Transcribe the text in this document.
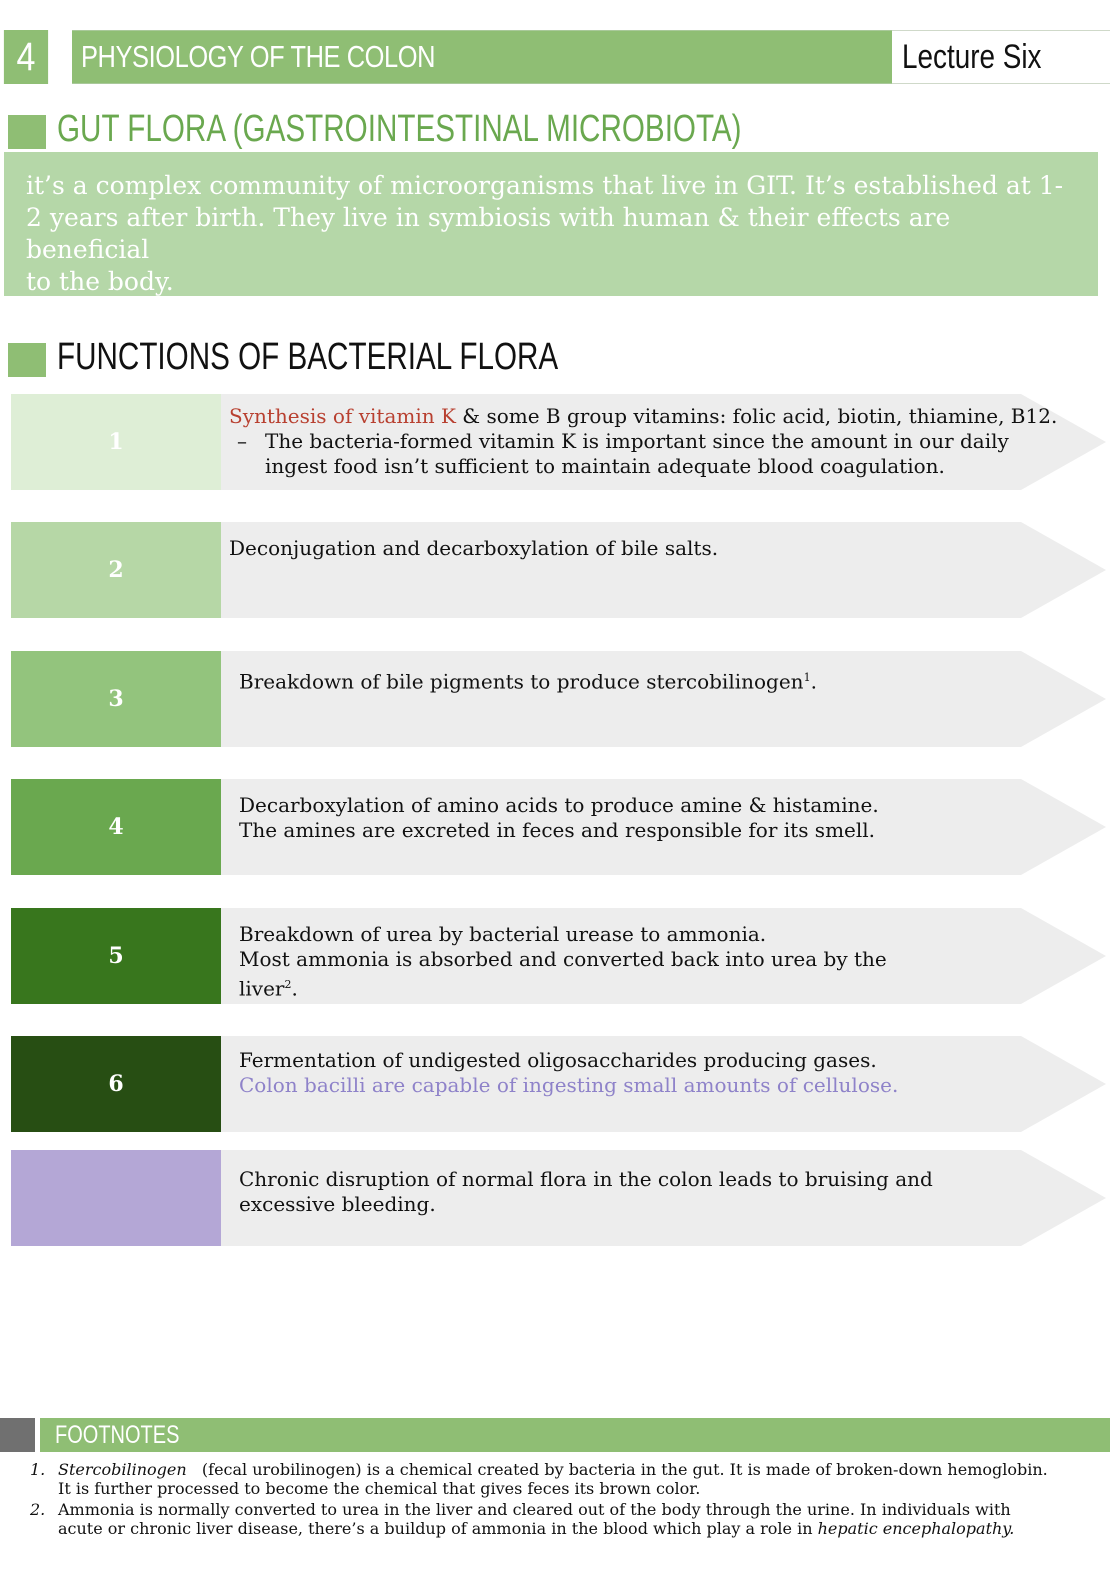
4	PHYSIOLOGY OF THE COLON	Lecture Six
GUT FLORA (GASTROINTESTINAL MICROBIOTA)
it’s a complex community of microorganisms that live in GIT. It’s established at 1-
2 years after birth. They live in symbiosis with human & their effects are beneficial
to the body.
FUNCTIONS OF BACTERIAL FLORA
1
Synthesis of vitamin K & some B group vitamins: folic acid, biotin, thiamine, B12.
– The bacteria-formed vitamin K is important since the amount in our daily
ingest food isn’t sufficient to maintain adequate blood coagulation.
2
Deconjugation and decarboxylation of bile salts.
3
Breakdown of bile pigments to produce stercobilinogen$^1$.
4
Decarboxylation of amino acids to produce amine & histamine.
The amines are excreted in feces and responsible for its smell.
5
Breakdown of urea by bacterial urease to ammonia.
Most ammonia is absorbed and converted back into urea by the
liver$^2$.
6
Fermentation of undigested oligosaccharides producing gases.
Colon bacilli are capable of ingesting small amounts of cellulose.
Chronic disruption of normal flora in the colon leads to bruising and
excessive bleeding.
FOOTNOTES
1. Stercobilinogen   (fecal urobilinogen) is a chemical created by bacteria in the gut. It is made of broken-down hemoglobin.
It is further processed to become the chemical that gives feces its brown color.
2. Ammonia is normally converted to urea in the liver and cleared out of the body through the urine. In individuals with
acute or chronic liver disease, there’s a buildup of ammonia in the blood which play a role in hepatic encephalopathy.
